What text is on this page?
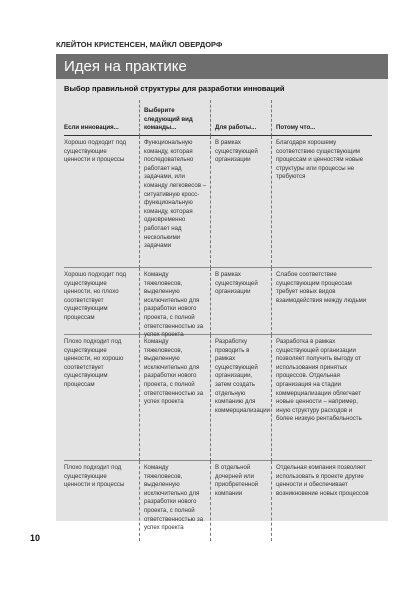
КЛЕЙТОН КРИСТЕНСЕН, МАЙКЛ ОВЕРДОРФ
Идея на практике
Выбор правильной структуры для разработки инноваций
Если инновация...
Выберите следующий вид команды...	Для работы...	Потому что...
Хорошо подходит под существующие ценности и процессы
Функциональную команду, которая последовательно работает над задачами, или команду легковесов – ситуативную кросс-функциональную команду, которая одновременно работает над несколькими задачами
В рамках существующей организации
Благодаря хорошему соответствию существующим процессам и ценностям новые структуры или процессы не требуются
Хорошо подходит под существующие ценности, но плохо соответствует существующим процессам
Команду тяжеловесов, выделенную исключительно для разработки нового проекта, с полной ответственностью за успех проекта
В рамках существующей организации
Слабое соответствие существующим процессам требует новых видов взаимодействия между людьми
Плохо подходит под существующие ценности, но хорошо соответствует существующим процессам
Команду тяжеловесов, выделенную исключительно для разработки нового проекта, с полной ответственностью за успех проекта
Разработку проводить в рамках существующей организации, затем создать отдельную компанию для коммерциализации
Разработка в рамках существующей организации позволяет получить выгоду от использования принятых процессов. Отдельная организация на стадии коммерциализации облегчает новые ценности – например, иную структуру расходов и более низкую рентабельность
Плохо подходит под существующие ценности и процессы
Команду тяжеловесов, выделенную исключительно для разработки нового проекта, с полной ответственностью за успех проекта
В отдельной дочерней или приобретенной компании
Отдельная компания позволяет использовать в проекте другие ценности и обеспечивает возникновение новых процессов
10
